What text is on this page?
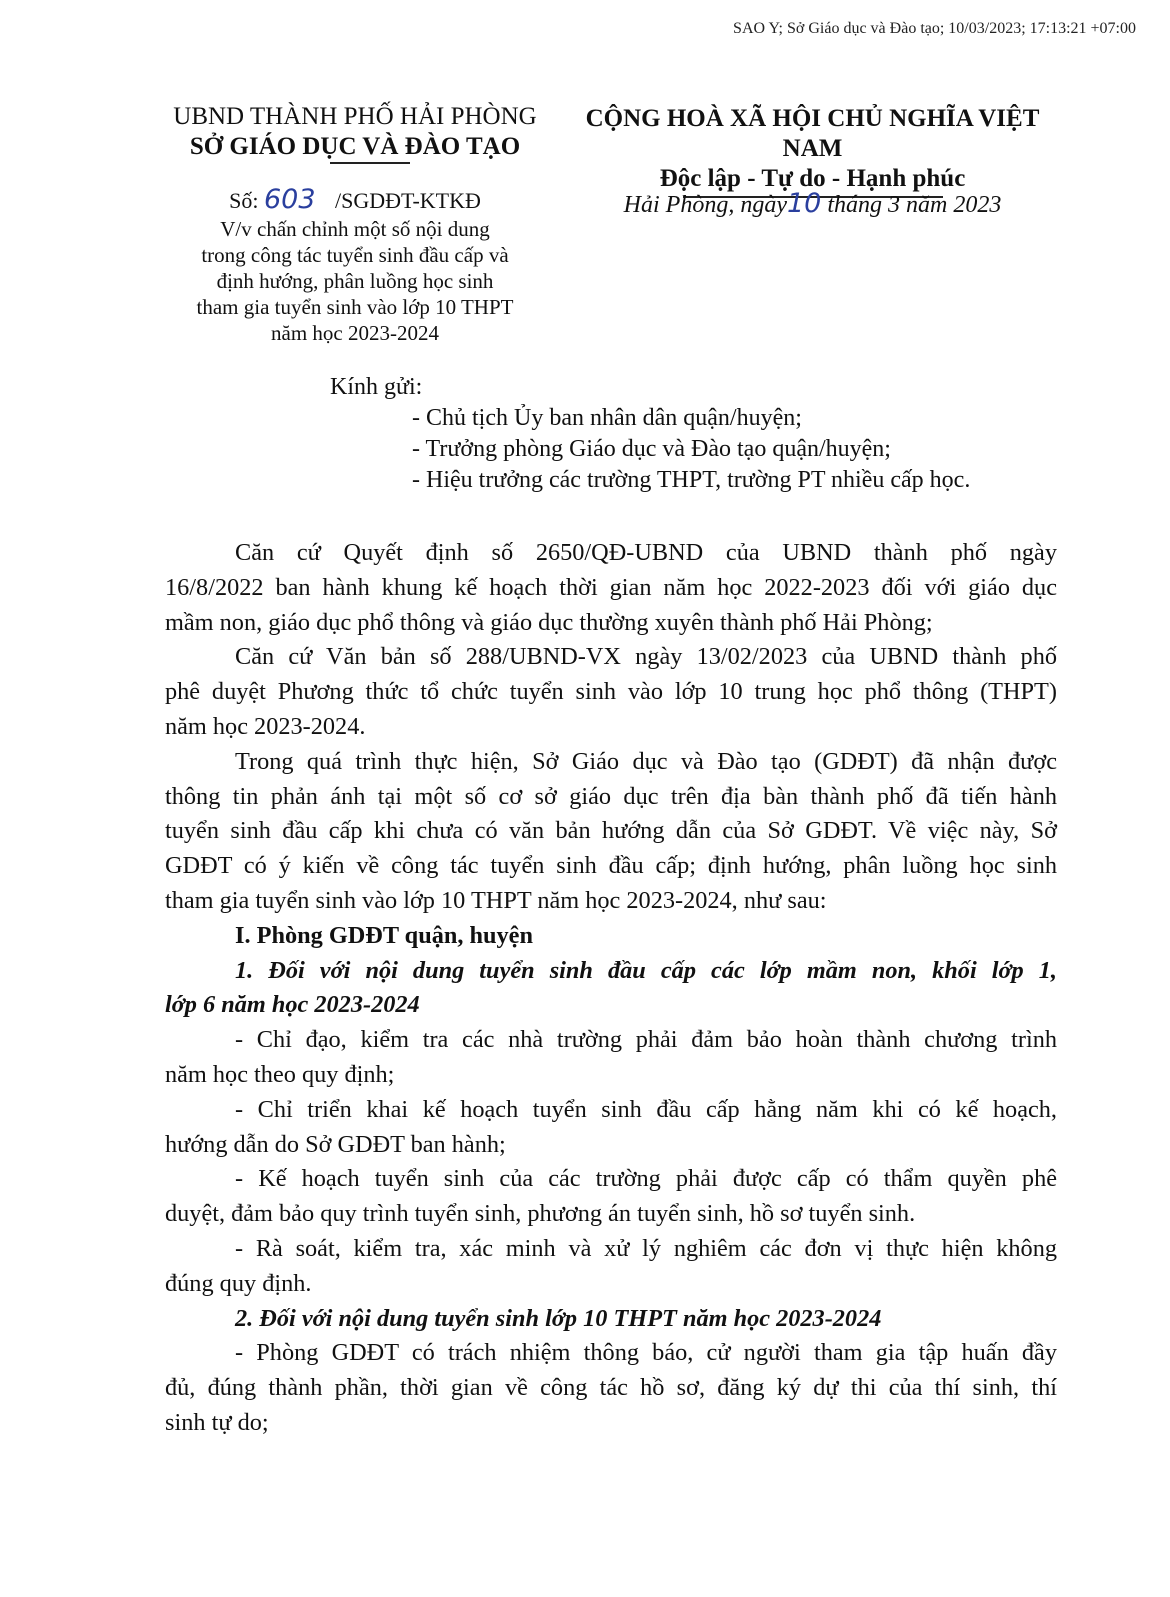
SAO Y; Sở Giáo dục và Đào tạo; 10/03/2023; 17:13:21 +07:00
UBND THÀNH PHỐ HẢI PHÒNG
SỞ GIÁO DỤC VÀ ĐÀO TẠO
CỘNG HOÀ XÃ HỘI CHỦ NGHĨA VIỆT NAM
Độc lập - Tự do - Hạnh phúc
Số: 603 /SGDĐT-KTKĐ
V/v chấn chỉnh một số nội dung
trong công tác tuyển sinh đầu cấp và
định hướng, phân luồng học sinh
tham gia tuyển sinh vào lớp 10 THPT
năm học 2023-2024
Hải Phòng, ngày10 tháng 3 năm 2023
Kính gửi:
- Chủ tịch Ủy ban nhân dân quận/huyện;
- Trưởng phòng Giáo dục và Đào tạo quận/huyện;
- Hiệu trưởng các trường THPT, trường PT nhiều cấp học.
Căn cứ Quyết định số 2650/QĐ-UBND của UBND thành phố ngày
16/8/2022 ban hành khung kế hoạch thời gian năm học 2022-2023 đối với giáo dục
mầm non, giáo dục phổ thông và giáo dục thường xuyên thành phố Hải Phòng;
Căn cứ Văn bản số 288/UBND-VX ngày 13/02/2023 của UBND thành phố
phê duyệt Phương thức tổ chức tuyển sinh vào lớp 10 trung học phổ thông (THPT)
năm học 2023-2024.
Trong quá trình thực hiện, Sở Giáo dục và Đào tạo (GDĐT) đã nhận được
thông tin phản ánh tại một số cơ sở giáo dục trên địa bàn thành phố đã tiến hành
tuyển sinh đầu cấp khi chưa có văn bản hướng dẫn của Sở GDĐT. Về việc này, Sở
GDĐT có ý kiến về công tác tuyển sinh đầu cấp; định hướng, phân luồng học sinh
tham gia tuyển sinh vào lớp 10 THPT năm học 2023-2024, như sau:
I. Phòng GDĐT quận, huyện
1. Đối với nội dung tuyển sinh đầu cấp các lớp mầm non, khối lớp 1,
lớp 6 năm học 2023-2024
- Chỉ đạo, kiểm tra các nhà trường phải đảm bảo hoàn thành chương trình
năm học theo quy định;
- Chỉ triển khai kế hoạch tuyển sinh đầu cấp hằng năm khi có kế hoạch,
hướng dẫn do Sở GDĐT ban hành;
- Kế hoạch tuyển sinh của các trường phải được cấp có thẩm quyền phê
duyệt, đảm bảo quy trình tuyển sinh, phương án tuyển sinh, hồ sơ tuyển sinh.
- Rà soát, kiểm tra, xác minh và xử lý nghiêm các đơn vị thực hiện không
đúng quy định.
2. Đối với nội dung tuyển sinh lớp 10 THPT năm học 2023-2024
- Phòng GDĐT có trách nhiệm thông báo, cử người tham gia tập huấn đầy
đủ, đúng thành phần, thời gian về công tác hồ sơ, đăng ký dự thi của thí sinh, thí
sinh tự do;
